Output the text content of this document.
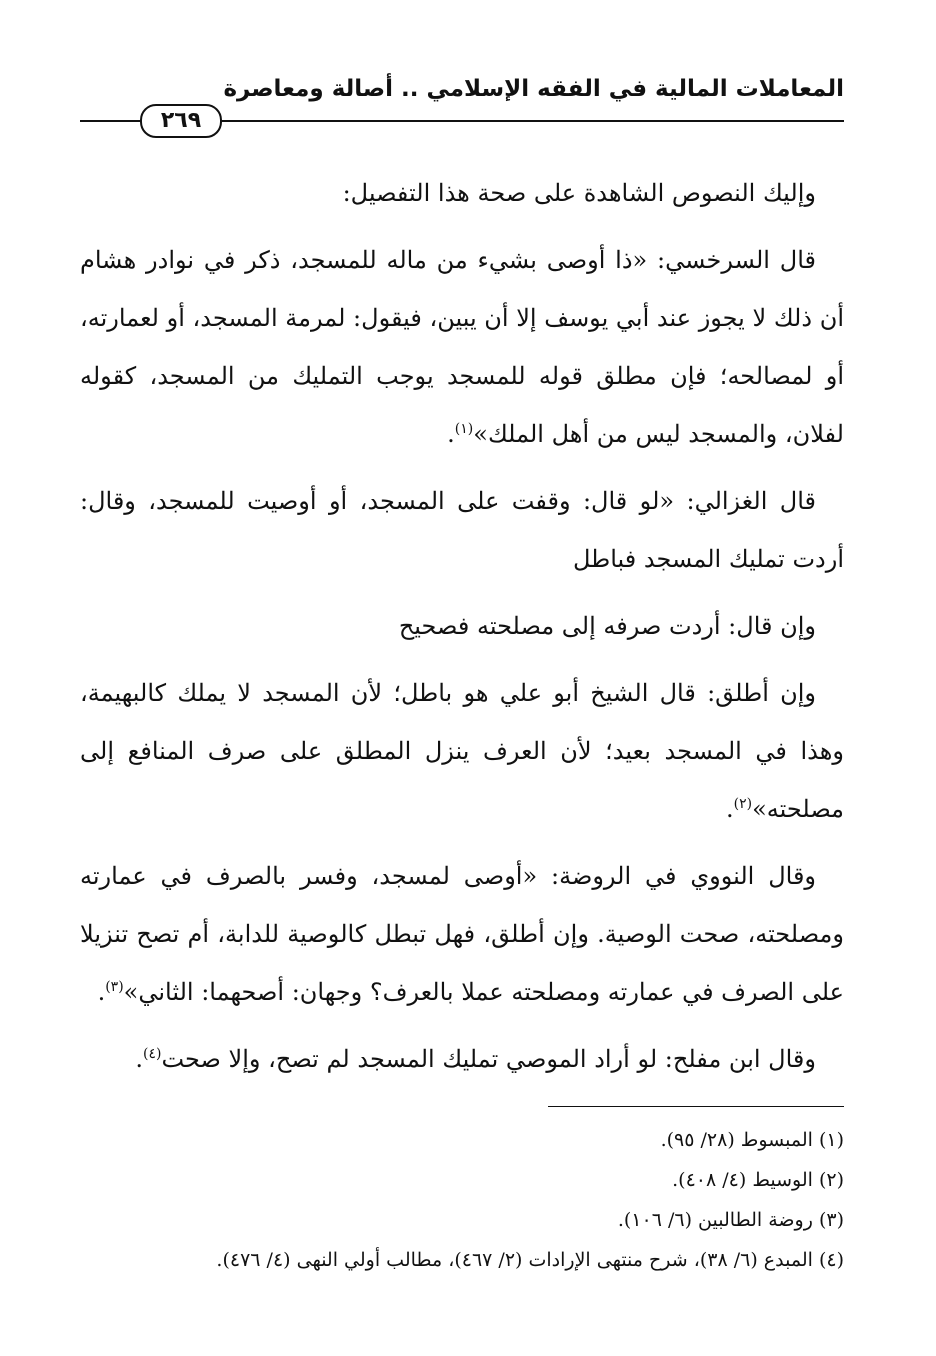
المعاملات المالية في الفقه الإسلامي .. أصالة ومعاصرة
٢٦٩

وإليك النصوص الشاهدة على صحة هذا التفصيل:

قال السرخسي: «ذا أوصى بشيء من ماله للمسجد، ذكر في نوادر هشام أن ذلك لا يجوز عند أبي يوسف إلا أن يبين، فيقول: لمرمة المسجد، أو لعمارته، أو لمصالحه؛ فإن مطلق قوله للمسجد يوجب التمليك من المسجد، كقوله لفلان، والمسجد ليس من أهل الملك»$^{(١)}$.

قال الغزالي: «لو قال: وقفت على المسجد، أو أوصيت للمسجد، وقال: أردت تمليك المسجد فباطل

وإن قال: أردت صرفه إلى مصلحته فصحيح

وإن أطلق: قال الشيخ أبو علي هو باطل؛ لأن المسجد لا يملك كالبهيمة، وهذا في المسجد بعيد؛ لأن العرف ينزل المطلق على صرف المنافع إلى مصلحته»$^{(٢)}$.

وقال النووي في الروضة: «أوصى لمسجد، وفسر بالصرف في عمارته ومصلحته، صحت الوصية. وإن أطلق، فهل تبطل كالوصية للدابة، أم تصح تنزيلا على الصرف في عمارته ومصلحته عملا بالعرف؟ وجهان: أصحهما: الثاني»$^{(٣)}$.

وقال ابن مفلح: لو أراد الموصي تمليك المسجد لم تصح، وإلا صحت$^{(٤)}$.

(١) المبسوط (٢٨/ ٩٥).
(٢) الوسيط (٤/ ٤٠٨).
(٣) روضة الطالبين (٦/ ١٠٦).
(٤) المبدع (٦/ ٣٨)، شرح منتهى الإرادات (٢/ ٤٦٧)، مطالب أولي النهى (٤/ ٤٧٦).
